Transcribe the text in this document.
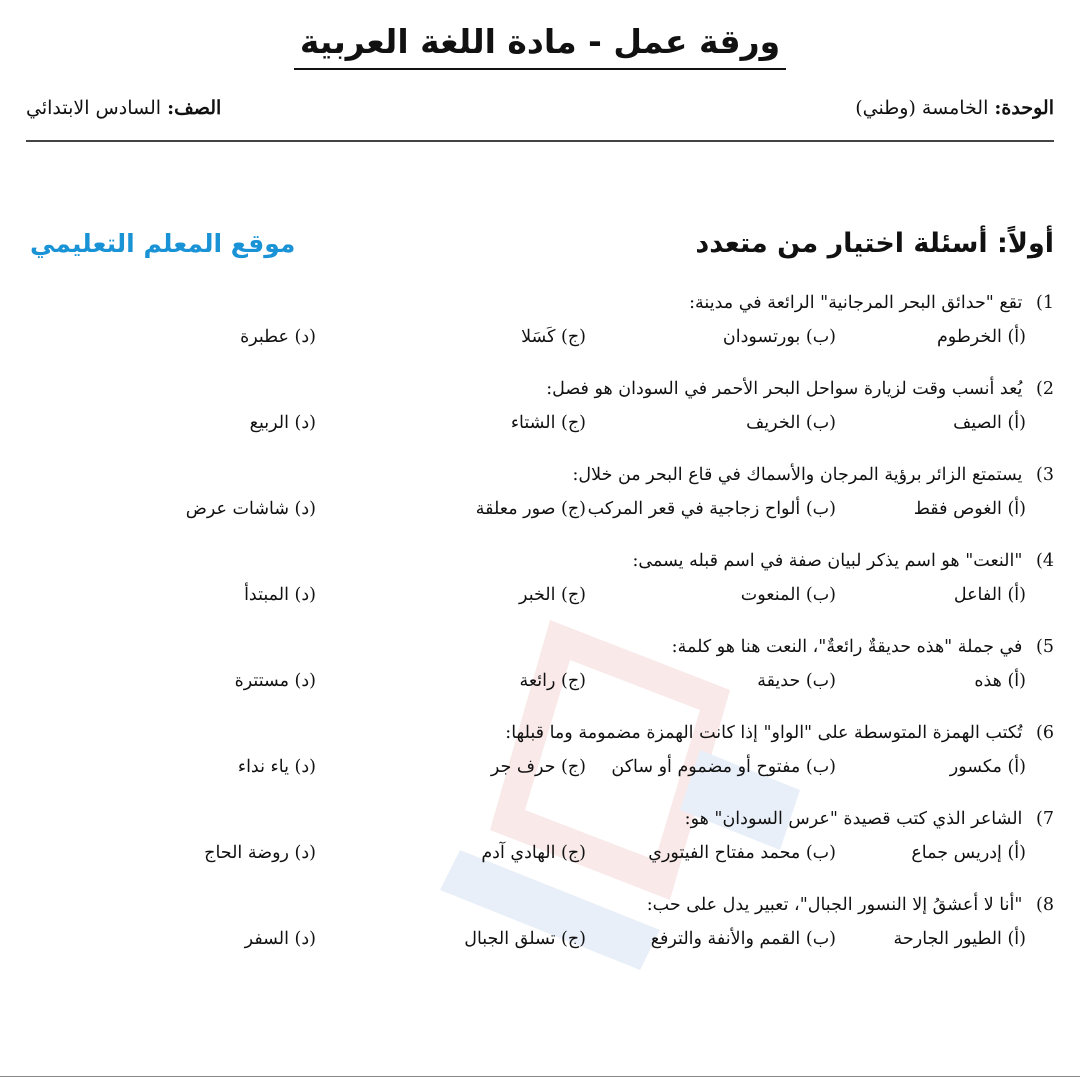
ورقة عمل - مادة اللغة العربية
الوحدة: الخامسة (وطني)
الصف: السادس الابتدائي
أولاً: أسئلة اختيار من متعدد
موقع المعلم التعليمي
1) تقع "حدائق البحر المرجانية" الرائعة في مدينة:
(أ) الخرطوم
(ب) بورتسودان
(ج) كَسَلا
(د) عطبرة
2) يُعد أنسب وقت لزيارة سواحل البحر الأحمر في السودان هو فصل:
(أ) الصيف
(ب) الخريف
(ج) الشتاء
(د) الربيع
3) يستمتع الزائر برؤية المرجان والأسماك في قاع البحر من خلال:
(أ) الغوص فقط
(ب) ألواح زجاجية في قعر المركب
(ج) صور معلقة
(د) شاشات عرض
4) "النعت" هو اسم يذكر لبيان صفة في اسم قبله يسمى:
(أ) الفاعل
(ب) المنعوت
(ج) الخبر
(د) المبتدأ
5) في جملة "هذه حديقةٌ رائعةٌ"، النعت هنا هو كلمة:
(أ) هذه
(ب) حديقة
(ج) رائعة
(د) مستترة
6) تُكتب الهمزة المتوسطة على "الواو" إذا كانت الهمزة مضمومة وما قبلها:
(أ) مكسور
(ب) مفتوح أو مضموم أو ساكن
(ج) حرف جر
(د) ياء نداء
7) الشاعر الذي كتب قصيدة "عرس السودان" هو:
(أ) إدريس جماع
(ب) محمد مفتاح الفيتوري
(ج) الهادي آدم
(د) روضة الحاج
8) "أنا لا أعشقُ إلا النسور الجبال"، تعبير يدل على حب:
(أ) الطيور الجارحة
(ب) القمم والأنفة والترفع
(ج) تسلق الجبال
(د) السفر
